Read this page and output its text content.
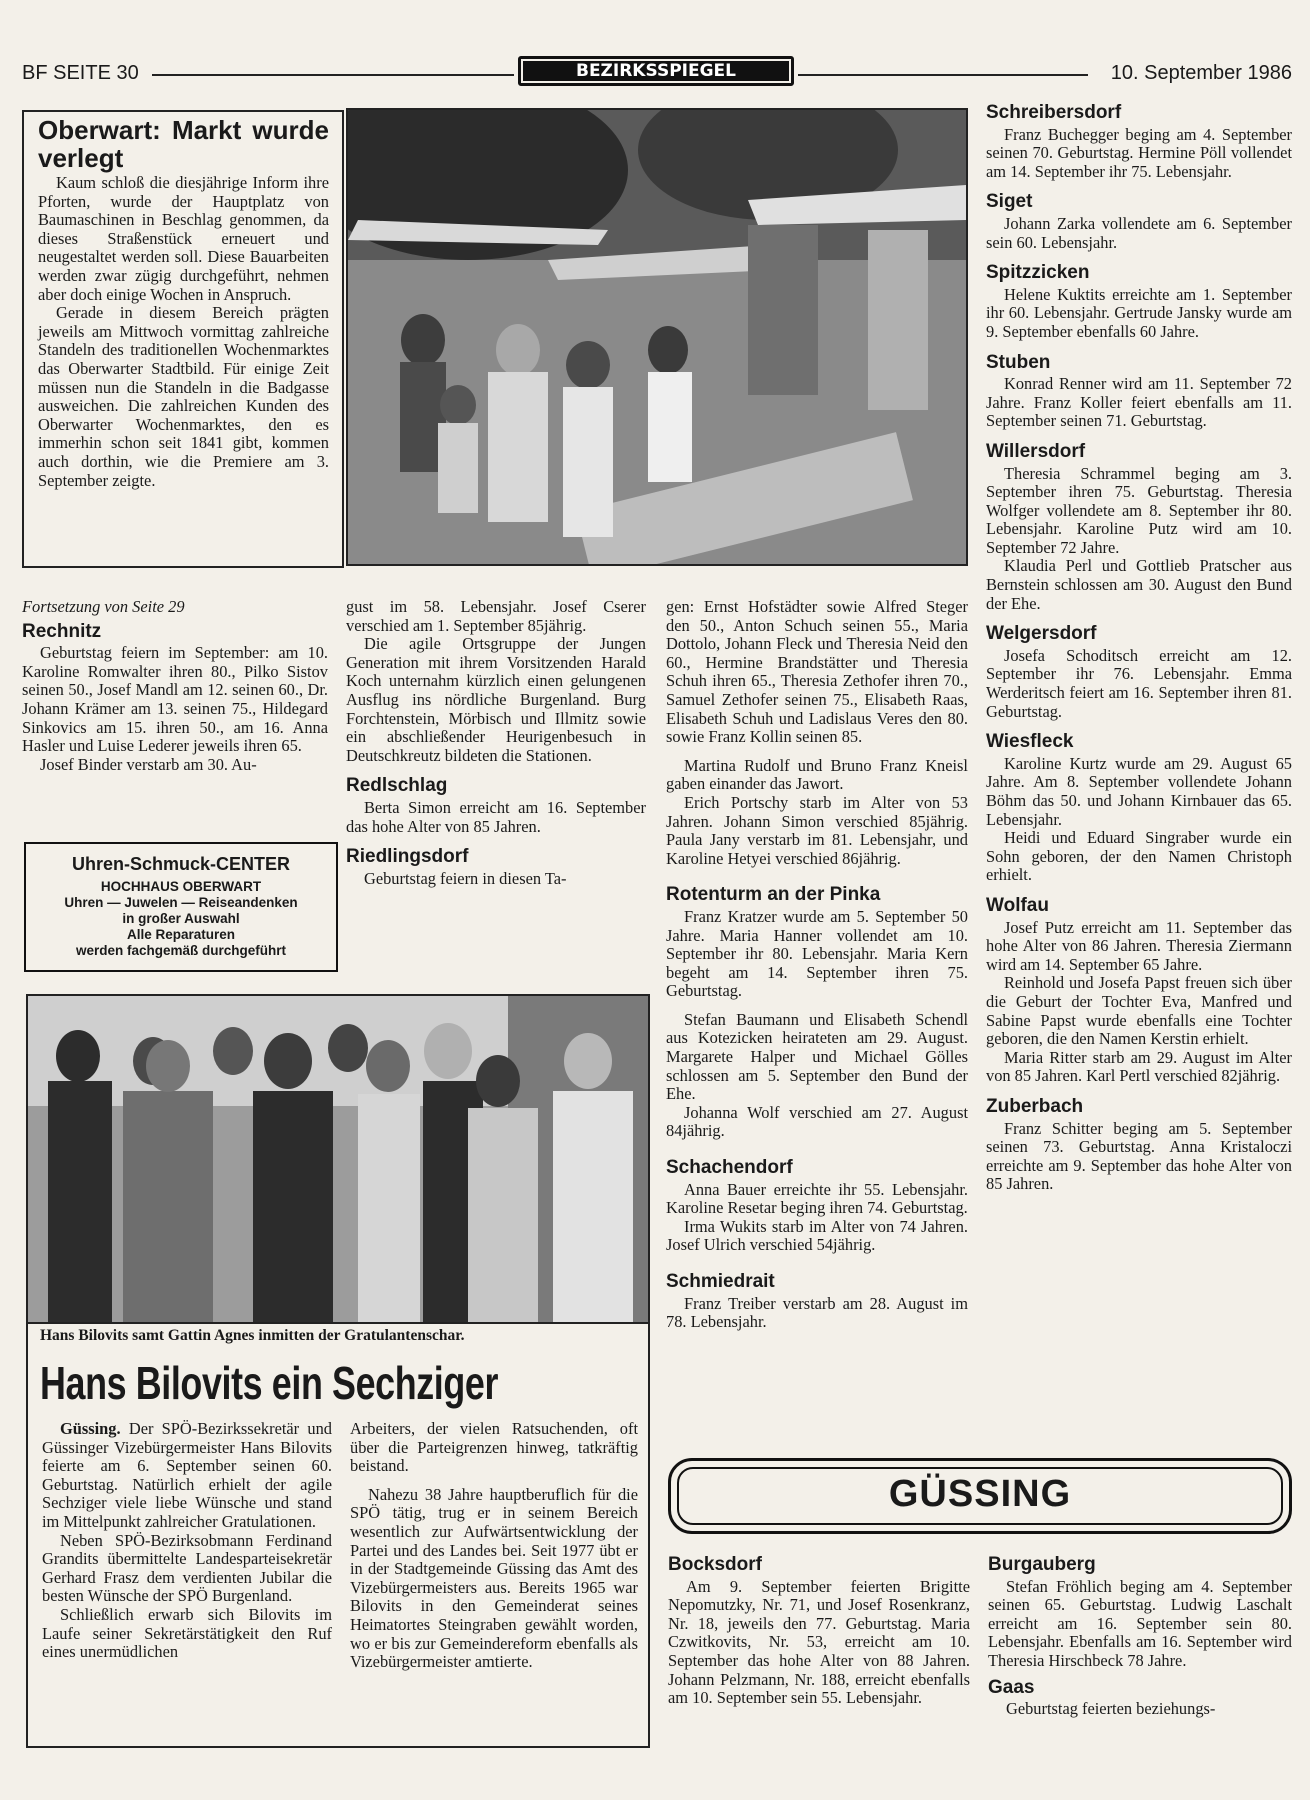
BF SEITE 30	BEZIRKSSPIEGEL	10. September 1986
Oberwart: Markt wurde verlegt

Kaum schloß die diesjährige Inform ihre Pforten, wurde der Hauptplatz von Baumaschinen in Beschlag genommen, da dieses Straßenstück erneuert und neugestaltet werden soll. Diese Bauarbeiten werden zwar zügig durchgeführt, nehmen aber doch einige Wochen in Anspruch.

Gerade in diesem Bereich prägten jeweils am Mittwoch vormittag zahlreiche Standeln des traditionellen Wochenmarktes das Oberwarter Stadtbild. Für einige Zeit müssen nun die Standeln in die Badgasse ausweichen. Die zahlreichen Kunden des Oberwarter Wochenmarktes, den es immerhin schon seit 1841 gibt, kommen auch dorthin, wie die Premiere am 3. September zeigte.

Schreibersdorf

Franz Buchegger beging am 4. September seinen 70. Geburtstag. Hermine Pöll vollendet am 14. September ihr 75. Lebensjahr.

Siget

Johann Zarka vollendete am 6. September sein 60. Lebensjahr.

Spitzzicken

Helene Kuktits erreichte am 1. September ihr 60. Lebensjahr. Gertrude Jansky wurde am 9. September ebenfalls 60 Jahre.

Stuben

Konrad Renner wird am 11. September 72 Jahre. Franz Koller feiert ebenfalls am 11. September seinen 71. Geburtstag.

Willersdorf

Theresia Schrammel beging am 3. September ihren 75. Geburtstag. Theresia Wolfger vollendete am 8. September ihr 80. Lebensjahr. Karoline Putz wird am 10. September 72 Jahre.

Klaudia Perl und Gottlieb Pratscher aus Bernstein schlossen am 30. August den Bund der Ehe.

Welgersdorf

Josefa Schoditsch erreicht am 12. September ihr 76. Lebensjahr. Emma Werderitsch feiert am 16. September ihren 81. Geburtstag.

Wiesfleck

Karoline Kurtz wurde am 29. August 65 Jahre. Am 8. September vollendete Johann Böhm das 50. und Johann Kirnbauer das 65. Lebensjahr.

Heidi und Eduard Singraber wurde ein Sohn geboren, der den Namen Christoph erhielt.

Wolfau

Josef Putz erreicht am 11. September das hohe Alter von 86 Jahren. Theresia Ziermann wird am 14. September 65 Jahre.

Reinhold und Josefa Papst freuen sich über die Geburt der Tochter Eva, Manfred und Sabine Papst wurde ebenfalls eine Tochter geboren, die den Namen Kerstin erhielt.

Maria Ritter starb am 29. August im Alter von 85 Jahren. Karl Pertl verschied 82jährig.

Zuberbach

Franz Schitter beging am 5. September seinen 73. Geburtstag. Anna Kristaloczi erreichte am 9. September das hohe Alter von 85 Jahren.

Fortsetzung von Seite 29

Rechnitz

Geburtstag feiern im September: am 10. Karoline Romwalter ihren 80., Pilko Sistov seinen 50., Josef Mandl am 12. seinen 60., Dr. Johann Krämer am 13. seinen 75., Hildegard Sinkovics am 15. ihren 50., am 16. Anna Hasler und Luise Lederer jeweils ihren 65.

Josef Binder verstarb am 30. Au-

Uhren-Schmuck-CENTER
HOCHHAUS OBERWART
Uhren — Juwelen — Reiseandenken
in großer Auswahl
Alle Reparaturen
werden fachgemäß durchgeführt

gust im 58. Lebensjahr. Josef Cserer verschied am 1. September 85jährig.

Die agile Ortsgruppe der Jungen Generation mit ihrem Vorsitzenden Harald Koch unternahm kürzlich einen gelungenen Ausflug ins nördliche Burgenland. Burg Forchtenstein, Mörbisch und Illmitz sowie ein abschließender Heurigenbesuch in Deutschkreutz bildeten die Stationen.

Redlschlag

Berta Simon erreicht am 16. September das hohe Alter von 85 Jahren.

Riedlingsdorf

Geburtstag feiern in diesen Ta-

gen: Ernst Hofstädter sowie Alfred Steger den 50., Anton Schuch seinen 55., Maria Dottolo, Johann Fleck und Theresia Neid den 60., Hermine Brandstätter und Theresia Schuh ihren 65., Theresia Zethofer ihren 70., Samuel Zethofer seinen 75., Elisabeth Raas, Elisabeth Schuh und Ladislaus Veres den 80. sowie Franz Kollin seinen 85.

Martina Rudolf und Bruno Franz Kneisl gaben einander das Jawort.

Erich Portschy starb im Alter von 53 Jahren. Johann Simon verschied 85jährig. Paula Jany verstarb im 81. Lebensjahr, und Karoline Hetyei verschied 86jährig.

Rotenturm an der Pinka

Franz Kratzer wurde am 5. September 50 Jahre. Maria Hanner vollendet am 10. September ihr 80. Lebensjahr. Maria Kern begeht am 14. September ihren 75. Geburtstag.

Stefan Baumann und Elisabeth Schendl aus Kotezicken heirateten am 29. August. Margarete Halper und Michael Gölles schlossen am 5. September den Bund der Ehe.

Johanna Wolf verschied am 27. August 84jährig.

Schachendorf

Anna Bauer erreichte ihr 55. Lebensjahr. Karoline Resetar beging ihren 74. Geburtstag.

Irma Wukits starb im Alter von 74 Jahren. Josef Ulrich verschied 54jährig.

Schmiedrait

Franz Treiber verstarb am 28. August im 78. Lebensjahr.

Hans Bilovits samt Gattin Agnes inmitten der Gratulantenschar.
Hans Bilovits ein Sechziger

Güssing. Der SPÖ-Bezirkssekretär und Güssinger Vizebürgermeister Hans Bilovits feierte am 6. September seinen 60. Geburtstag. Natürlich erhielt der agile Sechziger viele liebe Wünsche und stand im Mittelpunkt zahlreicher Gratulationen.

Neben SPÖ-Bezirksobmann Ferdinand Grandits übermittelte Landesparteisekretär Gerhard Frasz dem verdienten Jubilar die besten Wünsche der SPÖ Burgenland.

Schließlich erwarb sich Bilovits im Laufe seiner Sekretärstätigkeit den Ruf eines unermüdlichen

Arbeiters, der vielen Ratsuchenden, oft über die Parteigrenzen hinweg, tatkräftig beistand.

Nahezu 38 Jahre hauptberuflich für die SPÖ tätig, trug er in seinem Bereich wesentlich zur Aufwärtsentwicklung der Partei und des Landes bei. Seit 1977 übt er in der Stadtgemeinde Güssing das Amt des Vizebürgermeisters aus. Bereits 1965 war Bilovits in den Gemeinderat seines Heimatortes Steingraben gewählt worden, wo er bis zur Gemeindereform ebenfalls als Vizebürgermeister amtierte.

GÜSSING
Bocksdorf

Am 9. September feierten Brigitte Nepomutzky, Nr. 71, und Josef Rosenkranz, Nr. 18, jeweils den 77. Geburtstag. Maria Czwitkovits, Nr. 53, erreicht am 10. September das hohe Alter von 88 Jahren. Johann Pelzmann, Nr. 188, erreicht ebenfalls am 10. September sein 55. Lebensjahr.

Burgauberg

Stefan Fröhlich beging am 4. September seinen 65. Geburtstag. Ludwig Laschalt erreicht am 16. September sein 80. Lebensjahr. Ebenfalls am 16. September wird Theresia Hirschbeck 78 Jahre.

Gaas

Geburtstag feierten beziehungs-
